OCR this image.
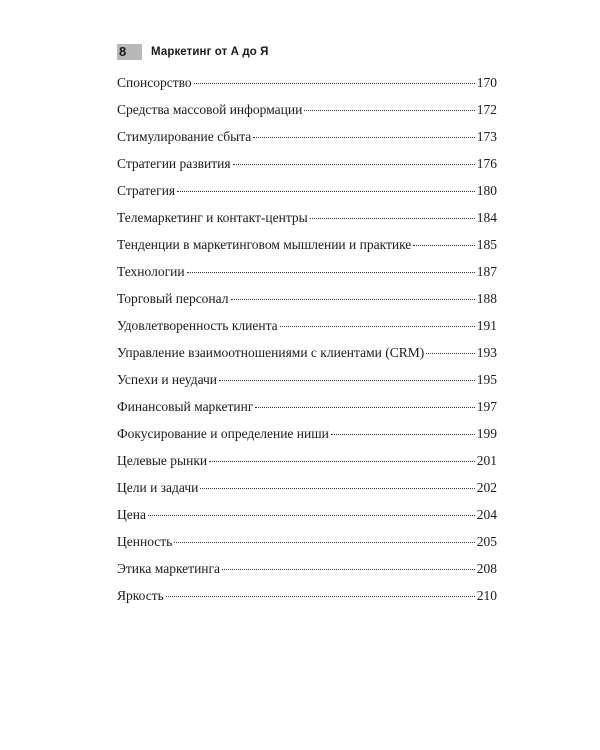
8	Маркетинг от А до Я
Спонсорство	170
Средства массовой информации	172
Стимулирование сбыта	173
Стратегии развития	176
Стратегия	180
Телемаркетинг и контакт-центры	184
Тенденции в маркетинговом мышлении и практике	185
Технологии	187
Торговый персонал	188
Удовлетворенность клиента	191
Управление взаимоотношениями с клиентами (CRM)	193
Успехи и неудачи	195
Финансовый маркетинг	197
Фокусирование и определение ниши	199
Целевые рынки	201
Цели и задачи	202
Цена	204
Ценность	205
Этика маркетинга	208
Яркость	210
